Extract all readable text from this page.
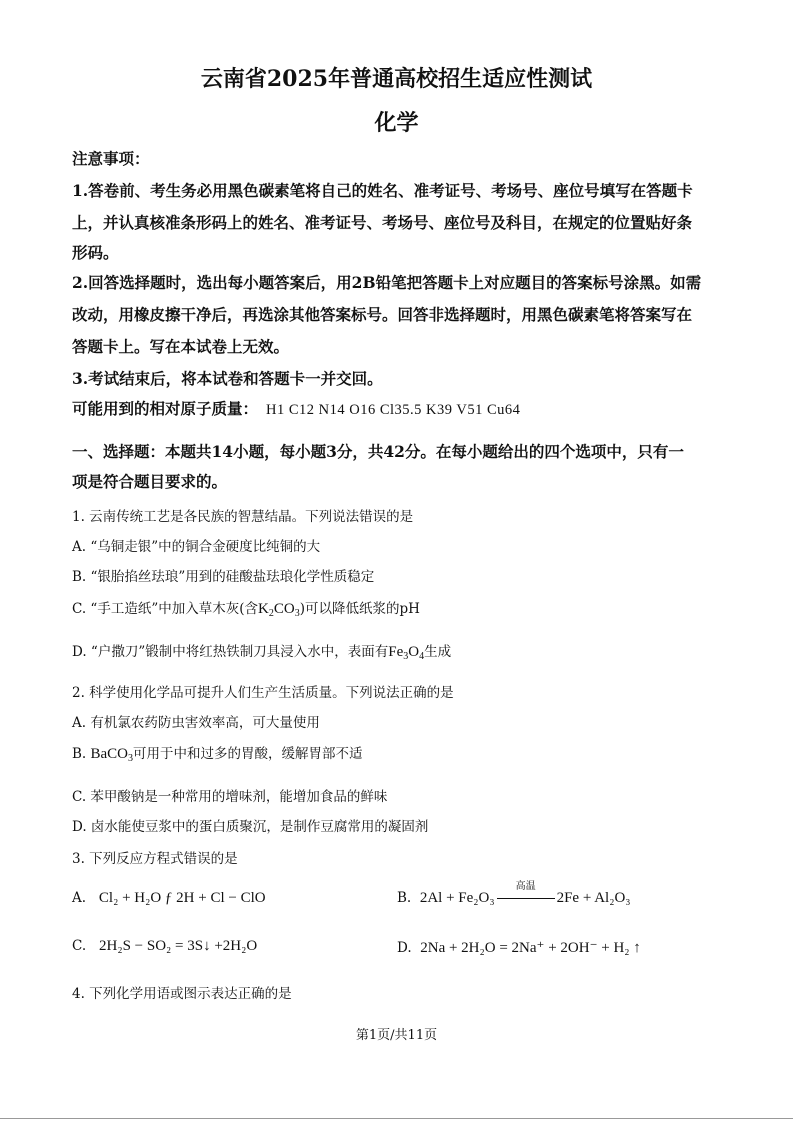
云南省2025年普通高校招生适应性测试
化学
注意事项：
1.答卷前、考生务必用黑色碳素笔将自己的姓名、准考证号、考场号、座位号填写在答题卡
上，并认真核准条形码上的姓名、准考证号、考场号、座位号及科目，在规定的位置贴好条
形码。
2.回答选择题时，选出每小题答案后，用2B铅笔把答题卡上对应题目的答案标号涂黑。如需
改动，用橡皮擦干净后，再选涂其他答案标号。回答非选择题时，用黑色碳素笔将答案写在
答题卡上。写在本试卷上无效。
3.考试结束后，将本试卷和答题卡一并交回。
可能用到的相对原子质量： H1 C12 N14 O16 Cl35.5 K39 V51 Cu64
一、选择题：本题共14小题，每小题3分，共42分。在每小题给出的四个选项中，只有一
项是符合题目要求的。
1. 云南传统工艺是各民族的智慧结晶。下列说法错误的是
A. “乌铜走银”中的铜合金硬度比纯铜的大
B. “银胎掐丝珐琅”用到的硅酸盐珐琅化学性质稳定
C. “手工造纸”中加入草木灰(含$K_2CO_3$)可以降低纸浆的pH
D. “户撒刀”锻制中将红热铁制刀具浸入水中，表面有$Fe_3O_4$生成
2. 科学使用化学品可提升人们生产生活质量。下列说法正确的是
A. 有机氯农药防虫害效率高，可大量使用
B. BaCO$_3$可用于中和过多的胃酸，缓解胃部不适
C. 苯甲酸钠是一种常用的增味剂，能增加食品的鲜味
D. 卤水能使豆浆中的蛋白质聚沉，是制作豆腐常用的凝固剂
3. 下列反应方程式错误的是
A. Cl₂ + H₂O ƒ 2H + Cl − ClO	B. 2Al + Fe₂O₃
高温
2Fe + Al₂O₃
C. 2H₂S − SO₂ = 3S↓ +2H₂O	D. 2Na + 2H₂O = 2Na⁺ + 2OH⁻ + H₂ ↑
4. 下列化学用语或图示表达正确的是
第1页/共11页
